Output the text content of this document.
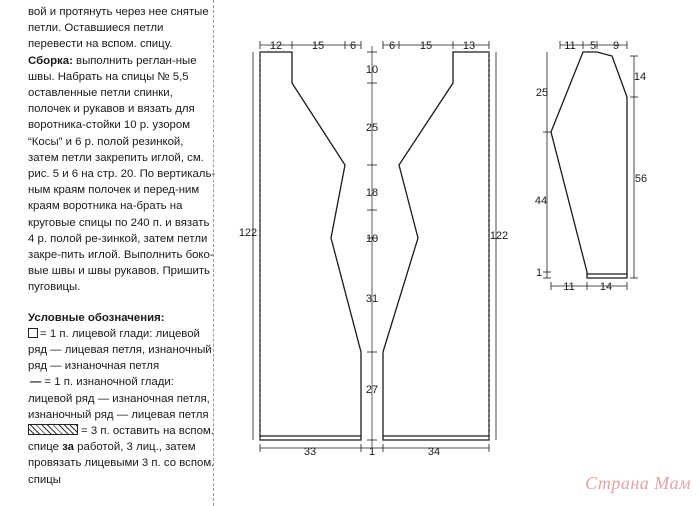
вой и протянуть через нее снятые петли. Оставшиеся петли перевести на вспом. спицу.

Сборка: выполнить реглан-ные швы. Набрать на спицы № 5,5 оставленные петли спинки, полочек и рукавов и вязать для воротника-стойки 10 р. узором “Косы” и 6 р. полой резинкой, затем петли закрепить иглой, см. рис. 5 и 6 на стр. 20. По вертикаль-ным краям полочек и перед-ним краям воротника на-брать на круговые спицы по 240 п. и вязать 4 р. полой ре-зинкой, затем петли закре-пить иглой. Выполнить боко-вые швы и швы рукавов. Пришить пуговицы.

Условные обозначения:

= 1 п. лицевой глади: лицевой ряд — лицевая петля, изнаночный ряд — изнаночная петля

— = 1 п. изнаночной глади: лицевой ряд — изнаночная петля, изнаночный ряд — лицевая петля

= 3 п. оставить на вспом. спице за работой, 3 лиц., затем провязать лицевыми 3 п. со вспом. спицы

12	15 6	6 15	13
10
25
18
10
31
27
122	122
33	1	34
11 5 9
25
44
1
14
56
11 14
Страна Мам
